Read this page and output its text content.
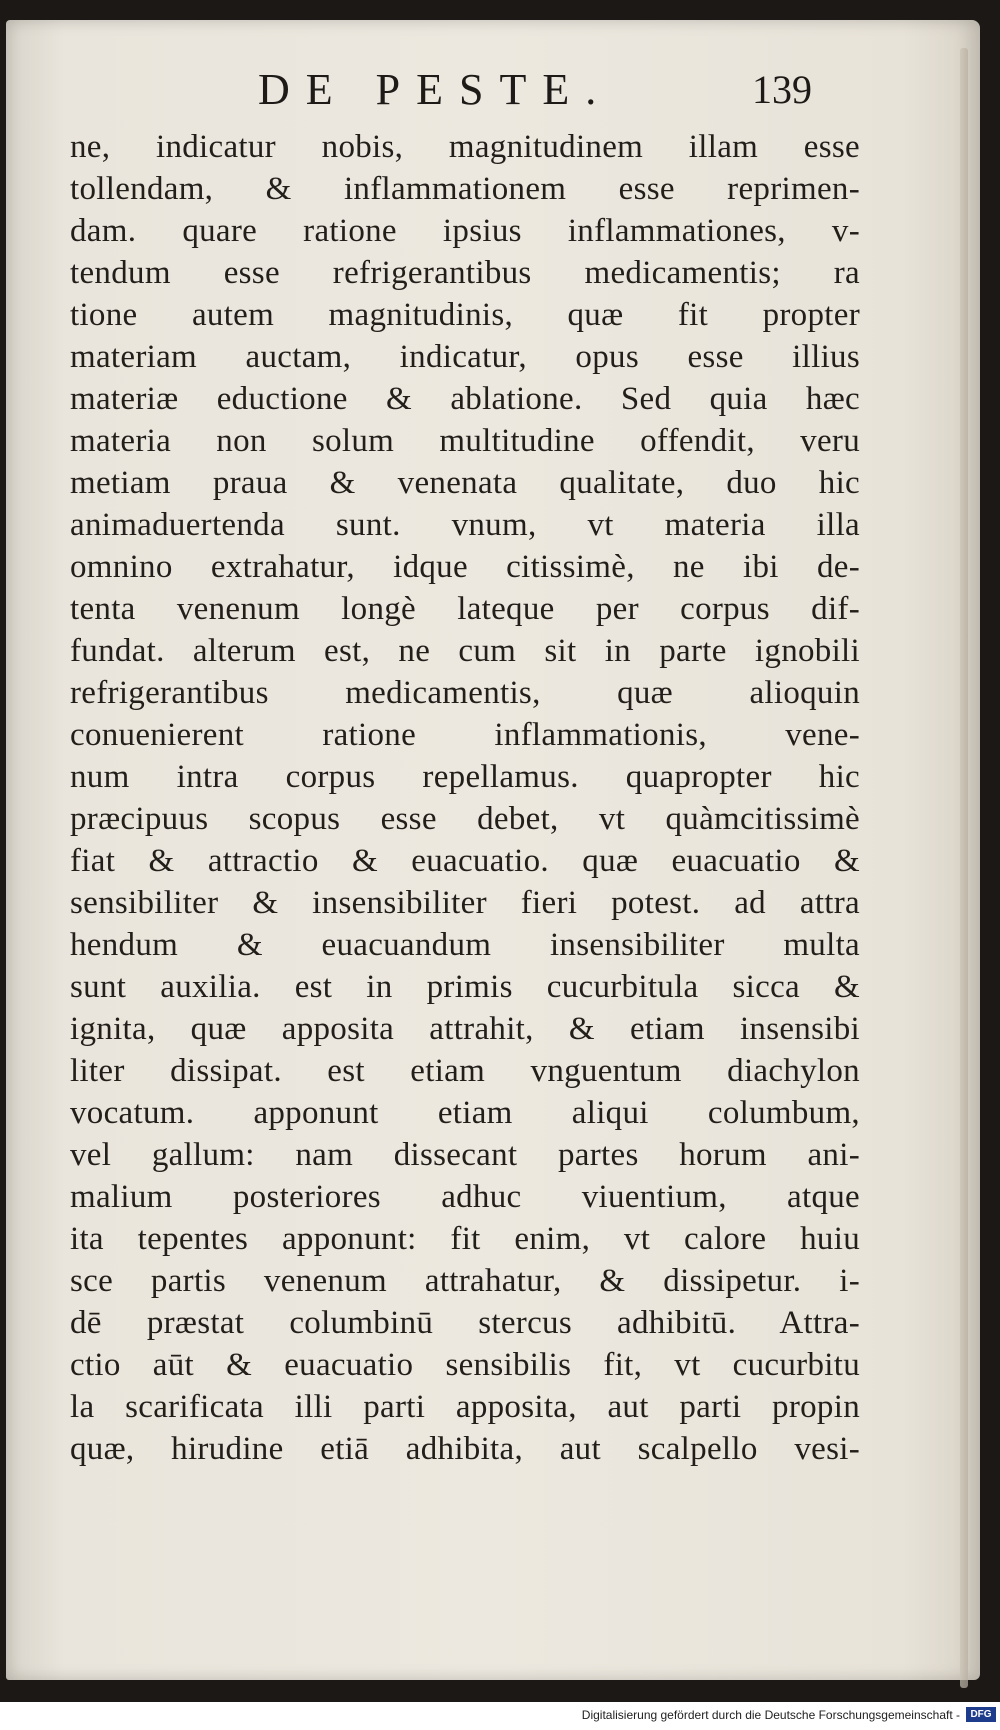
DE PESTE.	139
ne, indicatur nobis, magnitudinem illam esse
tollendam, & inflammationem esse reprimen-
dam. quare ratione ipsius inflammationes, v-
tendum esse refrigerantibus medicamentis; ra
tione autem magnitudinis, quæ fit propter
materiam auctam, indicatur, opus esse illius
materiæ eductione & ablatione. Sed quia hæc
materia non solum multitudine offendit, veru
metiam praua & venenata qualitate, duo hic
animaduertenda sunt. vnum, vt materia illa
omnino extrahatur, idque citissimè, ne ibi de-
tenta venenum longè lateque per corpus dif-
fundat. alterum est, ne cum sit in parte ignobili
refrigerantibus medicamentis, quæ alioquin
conuenierent ratione inflammationis, vene-
num intra corpus repellamus. quapropter hic
præcipuus scopus esse debet, vt quàmcitissimè
fiat & attractio & euacuatio. quæ euacuatio &
sensibiliter & insensibiliter fieri potest. ad attra
hendum & euacuandum insensibiliter multa
sunt auxilia. est in primis cucurbitula sicca &
ignita, quæ apposita attrahit, & etiam insensibi
liter dissipat. est etiam vnguentum diachylon
vocatum. apponunt etiam aliqui columbum,
vel gallum: nam dissecant partes horum ani-
malium posteriores adhuc viuentium, atque
ita tepentes apponunt: fit enim, vt calore huiu
sce partis venenum attrahatur, & dissipetur. i-
dē præstat columbinū stercus adhibitū. Attra-
ctio aūt & euacuatio sensibilis fit, vt cucurbitu
la scarificata illi parti apposita, aut parti propin
quæ, hirudine etiā adhibita, aut scalpello vesi-
Digitalisierung gefördert durch die Deutsche Forschungsgemeinschaft -	DFG
